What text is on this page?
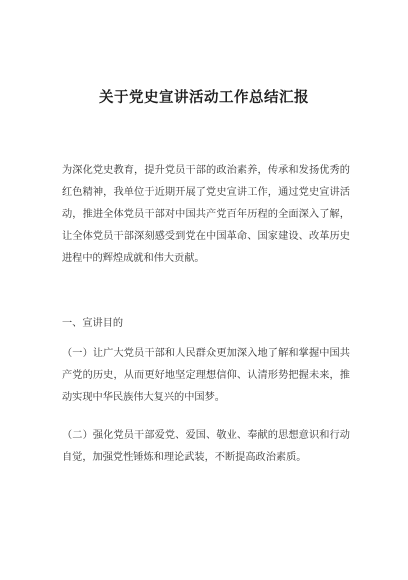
关于党史宣讲活动工作总结汇报

为深化党史教育，提升党员干部的政治素养，传承和发扬优秀的红色精神，我单位于近期开展了党史宣讲工作，通过党史宣讲活动，推进全体党员干部对中国共产党百年历程的全面深入了解，让全体党员干部深刻感受到党在中国革命、国家建设、改革历史进程中的辉煌成就和伟大贡献。

一、宣讲目的

（一）让广大党员干部和人民群众更加深入地了解和掌握中国共产党的历史，从而更好地坚定理想信仰、认清形势把握未来，推动实现中华民族伟大复兴的中国梦。

（二）强化党员干部爱党、爱国、敬业、奉献的思想意识和行动自觉，加强党性锤炼和理论武装，不断提高政治素质。
